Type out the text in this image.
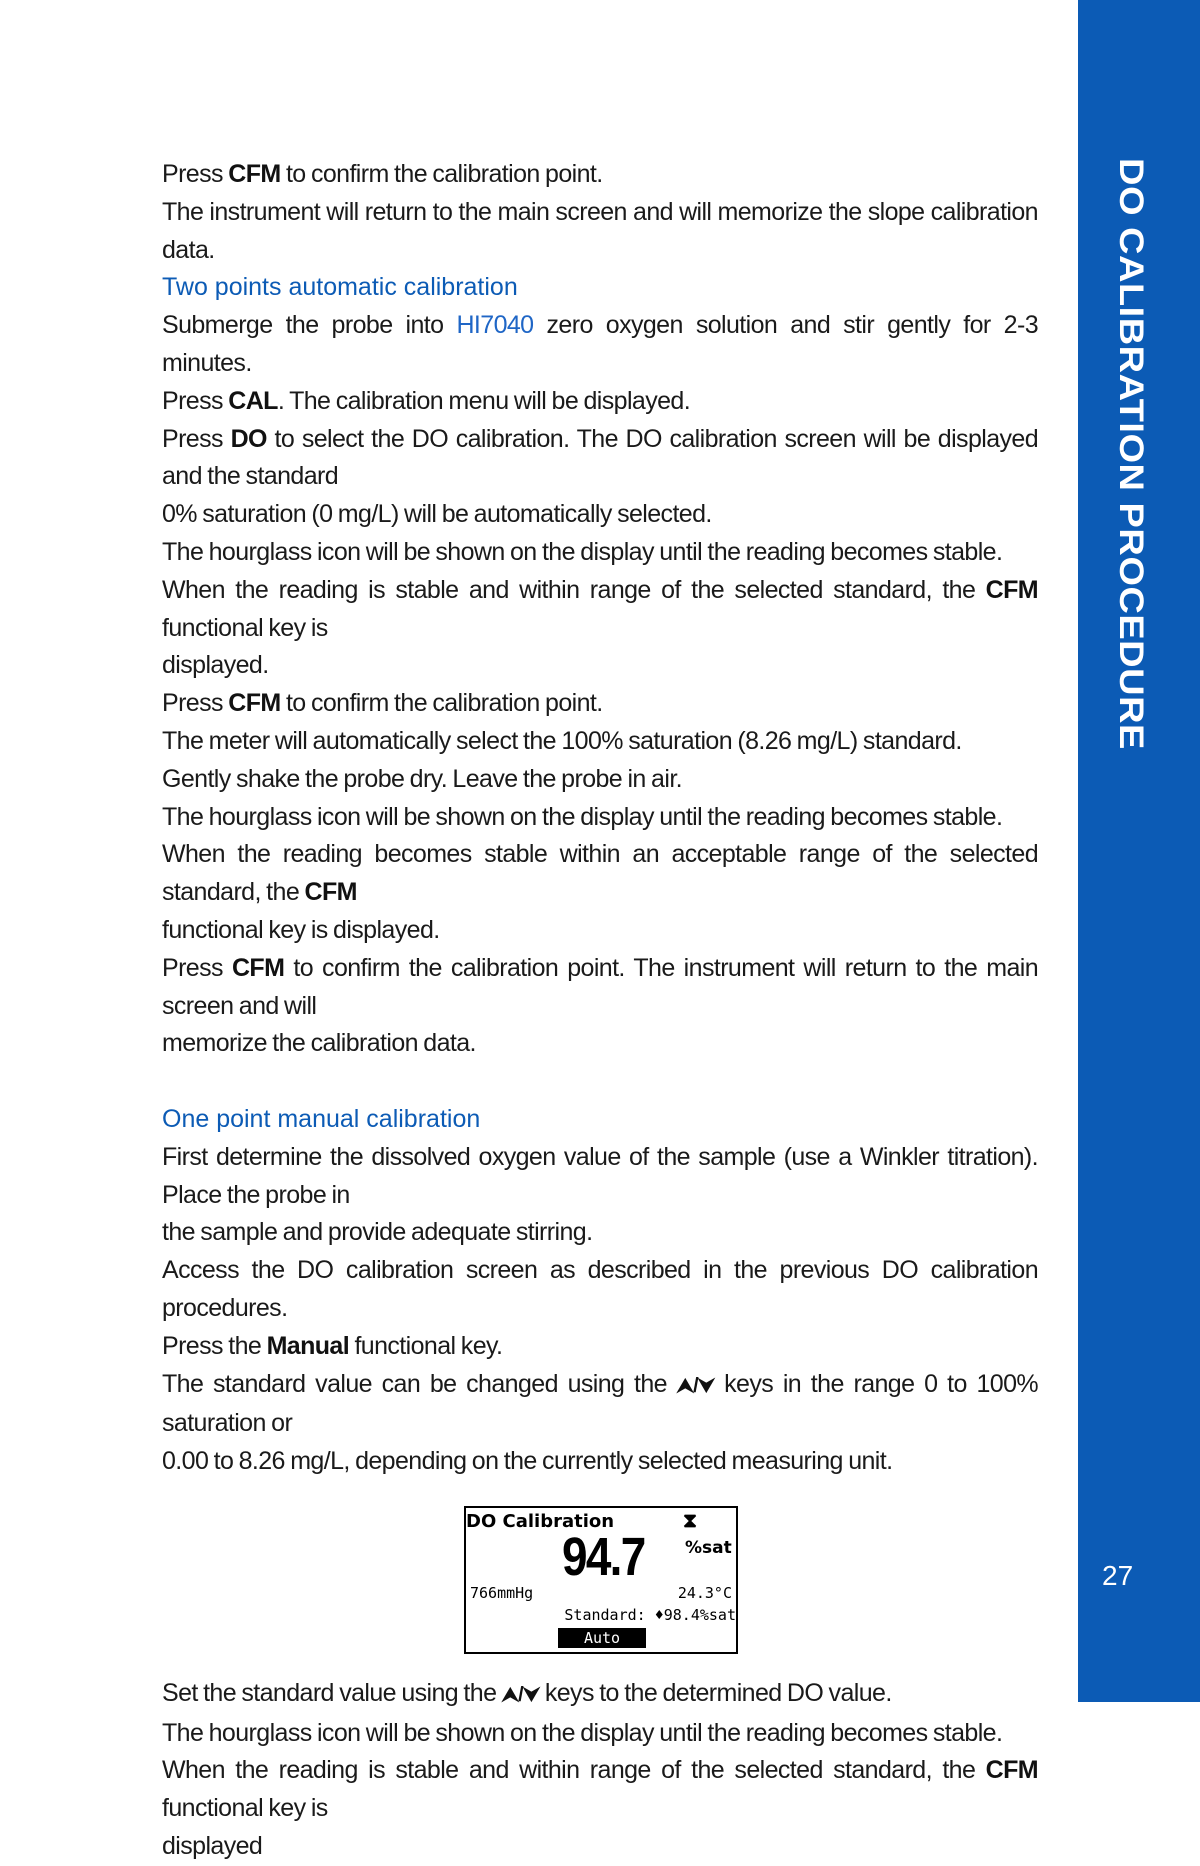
DO CALIBRATION PROCEDURE
27

Press CFM to confirm the calibration point.

The instrument will return to the main screen and will memorize the slope calibration data.

Two points automatic calibration

Submerge the probe into HI7040 zero oxygen solution and stir gently for 2-3 minutes.

Press CAL. The calibration menu will be displayed.

Press DO to select the DO calibration. The DO calibration screen will be displayed and the standard

0% saturation (0 mg/L) will be automatically selected.

The hourglass icon will be shown on the display until the reading becomes stable.

When the reading is stable and within range of the selected standard, the CFM functional key is

displayed.

Press CFM to confirm the calibration point.

The meter will automatically select the 100% saturation (8.26 mg/L) standard.

Gently shake the probe dry. Leave the probe in air.

The hourglass icon will be shown on the display until the reading becomes stable.

When the reading becomes stable within an acceptable range of the selected standard, the CFM

functional key is displayed.

Press CFM to confirm the calibration point. The instrument will return to the main screen and will

memorize the calibration data.

One point manual calibration

First determine the dissolved oxygen value of the sample (use a Winkler titration). Place the probe in

the sample and provide adequate stirring.

Access the DO calibration screen as described in the previous DO calibration procedures.

Press the Manual functional key.

The standard value can be changed using the ⮝/⮟ keys in the range 0 to 100% saturation or

0.00 to 8.26 mg/L, depending on the currently selected measuring unit.

DO Calibration	⧗
94.7 %sat
766mmHg	24.3°C
Standard: ♦98.4%sat
Auto

Set the standard value using the ⮝/⮟ keys to the determined DO value.

The hourglass icon will be shown on the display until the reading becomes stable.

When the reading is stable and within range of the selected standard, the CFM functional key is

displayed
